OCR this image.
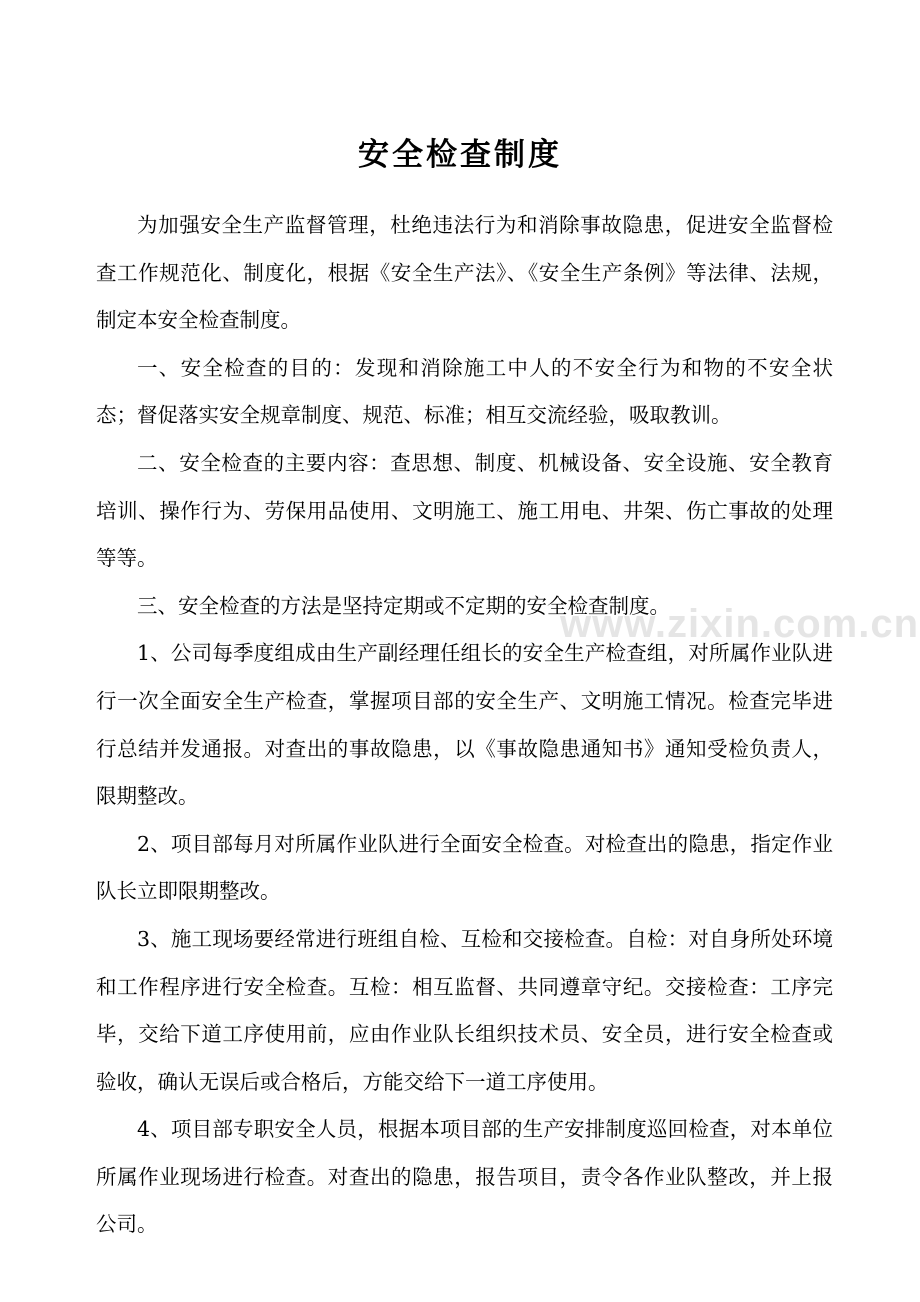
安全检查制度

为加强安全生产监督管理，杜绝违法行为和消除事故隐患，促进安全监督检查工作规范化、制度化，根据《安全生产法》、《安全生产条例》等法律、法规，制定本安全检查制度。

一、安全检查的目的：发现和消除施工中人的不安全行为和物的不安全状态；督促落实安全规章制度、规范、标准；相互交流经验，吸取教训。

二、安全检查的主要内容：查思想、制度、机械设备、安全设施、安全教育培训、操作行为、劳保用品使用、文明施工、施工用电、井架、伤亡事故的处理等等。

三、安全检查的方法是坚持定期或不定期的安全检查制度。

1、公司每季度组成由生产副经理任组长的安全生产检查组，对所属作业队进行一次全面安全生产检查，掌握项目部的安全生产、文明施工情况。检查完毕进行总结并发通报。对查出的事故隐患，以《事故隐患通知书》通知受检负责人，限期整改。

2、项目部每月对所属作业队进行全面安全检查。对检查出的隐患，指定作业队长立即限期整改。

3、施工现场要经常进行班组自检、互检和交接检查。自检：对自身所处环境和工作程序进行安全检查。互检：相互监督、共同遵章守纪。交接检查：工序完毕，交给下道工序使用前，应由作业队长组织技术员、安全员，进行安全检查或验收，确认无误后或合格后，方能交给下一道工序使用。

4、项目部专职安全人员，根据本项目部的生产安排制度巡回检查，对本单位所属作业现场进行检查。对查出的隐患，报告项目，责令各作业队整改，并上报公司。

www.zixin.com.cn
